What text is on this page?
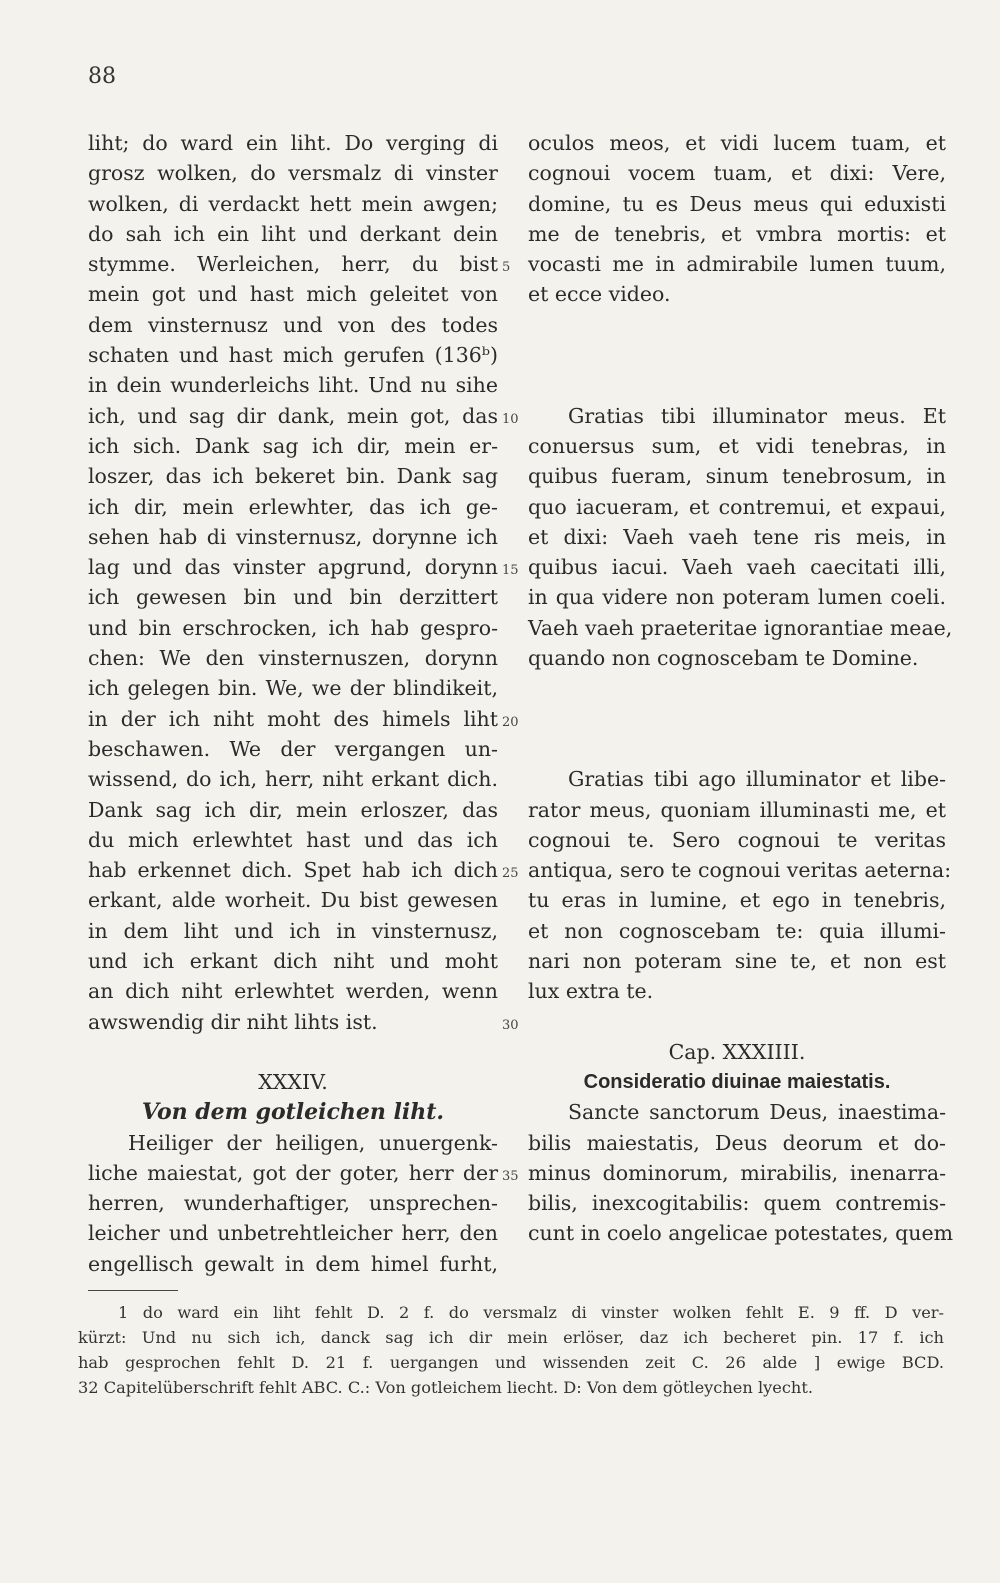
88
liht; do ward ein liht. Do verging di
grosz wolken, do versmalz di vinster
wolken, di verdackt hett mein awgen;
do sah ich ein liht und derkant dein
stymme. Werleichen, herr, du bist
mein got und hast mich geleitet von
dem vinsternusz und von des todes
schaten und hast mich gerufen (136ᵇ)
in dein wunderleichs liht. Und nu sihe
ich, und sag dir dank, mein got, das
ich sich. Dank sag ich dir, mein er-
loszer, das ich bekeret bin. Dank sag
ich dir, mein erlewhter, das ich ge-
sehen hab di vinsternusz, dorynne ich
lag und das vinster apgrund, dorynn
ich gewesen bin und bin derzittert
und bin erschrocken, ich hab gespro-
chen: We den vinsternuszen, dorynn
ich gelegen bin. We, we der blindikeit,
in der ich niht moht des himels liht
beschawen. We der vergangen un-
wissend, do ich, herr, niht erkant dich.
Dank sag ich dir, mein erloszer, das
du mich erlewhtet hast und das ich
hab erkennet dich. Spet hab ich dich
erkant, alde worheit. Du bist gewesen
in dem liht und ich in vinsternusz,
und ich erkant dich niht und moht
an dich niht erlewhtet werden, wenn
awswendig dir niht lihts ist.
XXXIV.
Von dem gotleichen liht.
Heiliger der heiligen, unuergenk-
liche maiestat, got der goter, herr der
herren, wunderhaftiger, unsprechen-
leicher und unbetrehtleicher herr, den
engellisch gewalt in dem himel furht,
5
10
15
20
25
30
35
oculos meos, et vidi lucem tuam, et
cognoui vocem tuam, et dixi: Vere,
domine, tu es Deus meus qui eduxisti
me de tenebris, et vmbra mortis: et
vocasti me in admirabile lumen tuum,
et ecce video.
Gratias tibi illuminator meus. Et
conuersus sum, et vidi tenebras, in
quibus fueram, sinum tenebrosum, in
quo iacueram, et contremui, et expaui,
et dixi: Vaeh vaeh tene ris meis, in
quibus iacui. Vaeh vaeh caecitati illi,
in qua videre non poteram lumen coeli.
Vaeh vaeh praeteritae ignorantiae meae,
quando non cognoscebam te Domine.
Gratias tibi ago illuminator et libe-
rator meus, quoniam illuminasti me, et
cognoui te. Sero cognoui te veritas
antiqua, sero te cognoui veritas aeterna:
tu eras in lumine, et ego in tenebris,
et non cognoscebam te: quia illumi-
nari non poteram sine te, et non est
lux extra te.
Cap. XXXIIII.
Consideratio diuinae maiestatis.
Sancte sanctorum Deus, inaestima-
bilis maiestatis, Deus deorum et do-
minus dominorum, mirabilis, inenarra-
bilis, inexcogitabilis: quem contremis-
cunt in coelo angelicae potestates, quem
1 do ward ein liht fehlt D. 2 f. do versmalz di vinster wolken fehlt E. 9 ff. D ver-
kürzt: Und nu sich ich, danck sag ich dir mein erlöser, daz ich becheret pin. 17 f. ich
hab gesprochen fehlt D. 21 f. uergangen und wissenden zeit C. 26 alde ] ewige BCD.
32 Capitelüberschrift fehlt ABC. C.: Von gotleichem liecht. D: Von dem götleychen lyecht.
